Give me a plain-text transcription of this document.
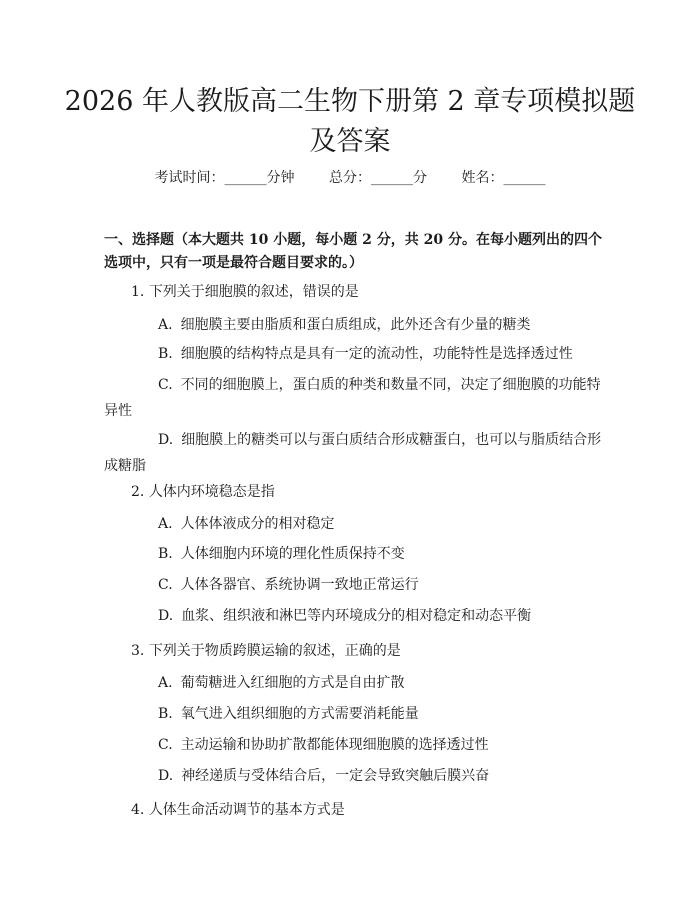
2026 年人教版高二生物下册第 2 章专项模拟题及答案
考试时间：______分钟 总分：______分 姓名：______
一、选择题（本大题共 10 小题，每小题 2 分，共 20 分。在每小题列出的四个选项中，只有一项是最符合题目要求的。）
1. 下列关于细胞膜的叙述，错误的是
A. 细胞膜主要由脂质和蛋白质组成，此外还含有少量的糖类
B. 细胞膜的结构特点是具有一定的流动性，功能特性是选择透过性
C. 不同的细胞膜上，蛋白质的种类和数量不同，决定了细胞膜的功能特异性
D. 细胞膜上的糖类可以与蛋白质结合形成糖蛋白，也可以与脂质结合形成糖脂
2. 人体内环境稳态是指
A. 人体体液成分的相对稳定
B. 人体细胞内环境的理化性质保持不变
C. 人体各器官、系统协调一致地正常运行
D. 血浆、组织液和淋巴等内环境成分的相对稳定和动态平衡
3. 下列关于物质跨膜运输的叙述，正确的是
A. 葡萄糖进入红细胞的方式是自由扩散
B. 氧气进入组织细胞的方式需要消耗能量
C. 主动运输和协助扩散都能体现细胞膜的选择透过性
D. 神经递质与受体结合后，一定会导致突触后膜兴奋
4. 人体生命活动调节的基本方式是
